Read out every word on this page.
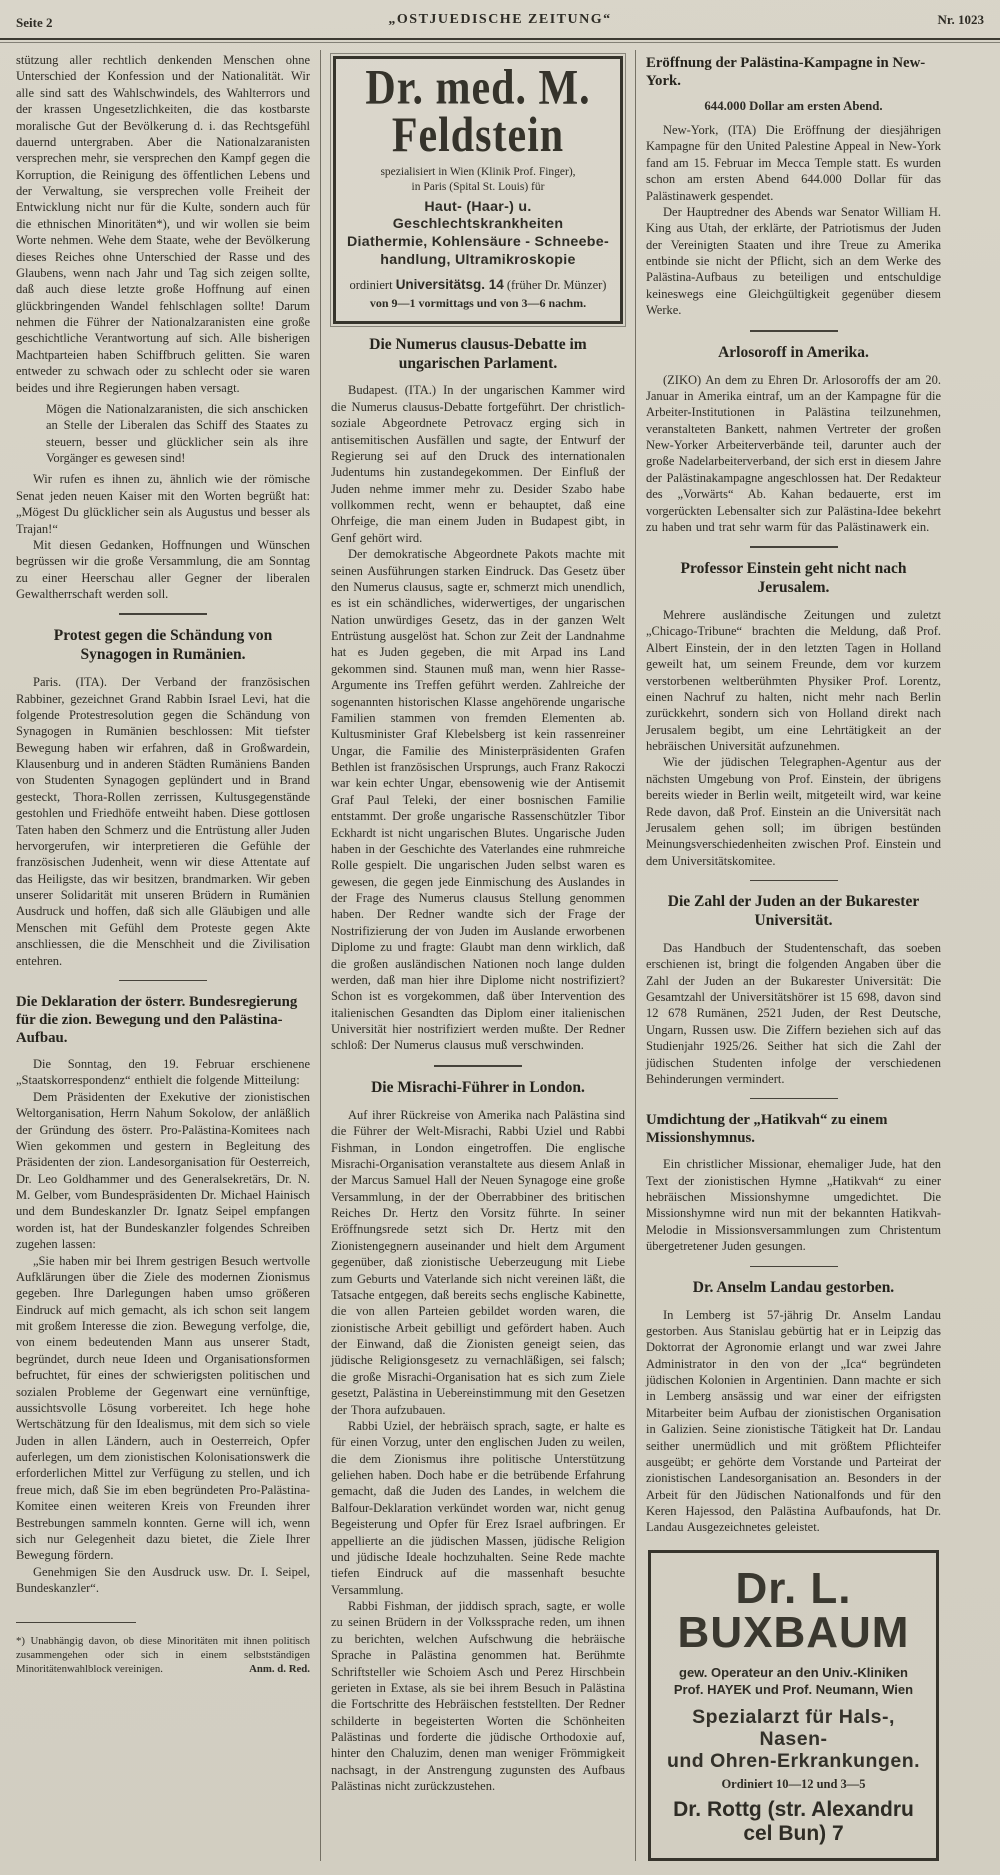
Seite 2	„OSTJUEDISCHE ZEITUNG“	Nr. 1023

stützung aller rechtlich denkenden Menschen ohne Unterschied der Konfession und der Nationalität. Wir alle sind satt des Wahlschwindels, des Wahlterrors und der krassen Ungesetzlichkeiten, die das kostbarste moralische Gut der Bevölkerung d. i. das Rechtsgefühl dauernd untergraben. Aber die Nationalzaranisten versprechen mehr, sie versprechen den Kampf gegen die Korruption, die Reinigung des öffentlichen Lebens und der Verwaltung, sie versprechen volle Freiheit der Entwicklung nicht nur für die Kulte, sondern auch für die ethnischen Minoritäten*), und wir wollen sie beim Worte nehmen. Wehe dem Staate, wehe der Bevölkerung dieses Reiches ohne Unterschied der Rasse und des Glaubens, wenn nach Jahr und Tag sich zeigen sollte, daß auch diese letzte große Hoffnung auf einen glückbringenden Wandel fehlschlagen sollte! Darum nehmen die Führer der Nationalzaranisten eine große geschichtliche Verantwortung auf sich. Alle bisherigen Machtparteien haben Schiffbruch gelitten. Sie waren entweder zu schwach oder zu schlecht oder sie waren beides und ihre Regierungen haben versagt.

Mögen die Nationalzaranisten, die sich anschicken an Stelle der Liberalen das Schiff des Staates zu steuern, besser und glücklicher sein als ihre Vorgänger es gewesen sind!

Wir rufen es ihnen zu, ähnlich wie der römische Senat jeden neuen Kaiser mit den Worten begrüßt hat: „Mögest Du glücklicher sein als Augustus und besser als Trajan!“

Mit diesen Gedanken, Hoffnungen und Wünschen begrüssen wir die große Versammlung, die am Sonntag zu einer Heerschau aller Gegner der liberalen Gewaltherrschaft werden soll.

Protest gegen die Schändung von Synagogen in Rumänien.

Paris. (ITA). Der Verband der französischen Rabbiner, gezeichnet Grand Rabbin Israel Levi, hat die folgende Protestresolution gegen die Schändung von Synagogen in Rumänien beschlossen: Mit tiefster Bewegung haben wir erfahren, daß in Großwardein, Klausenburg und in anderen Städten Rumäniens Banden von Studenten Synagogen geplündert und in Brand gesteckt, Thora-Rollen zerrissen, Kultusgegenstände gestohlen und Friedhöfe entweiht haben. Diese gottlosen Taten haben den Schmerz und die Entrüstung aller Juden hervorgerufen, wir interpretieren die Gefühle der französischen Judenheit, wenn wir diese Attentate auf das Heiligste, das wir besitzen, brandmarken. Wir geben unserer Solidarität mit unseren Brüdern in Rumänien Ausdruck und hoffen, daß sich alle Gläubigen und alle Menschen mit Gefühl dem Proteste gegen Akte anschliessen, die die Menschheit und die Zivilisation entehren.

Die Deklaration der österr. Bundesregierung für die zion. Bewegung und den Palästina-Aufbau.

Die Sonntag, den 19. Februar erschienene „Staatskorrespondenz“ enthielt die folgende Mitteilung:

Dem Präsidenten der Exekutive der zionistischen Weltorganisation, Herrn Nahum Sokolow, der anläßlich der Gründung des österr. Pro-Palästina-Komitees nach Wien gekommen und gestern in Begleitung des Präsidenten der zion. Landesorganisation für Oesterreich, Dr. Leo Goldhammer und des Generalsekretärs, Dr. N. M. Gelber, vom Bundespräsidenten Dr. Michael Hainisch und dem Bundeskanzler Dr. Ignatz Seipel empfangen worden ist, hat der Bundeskanzler folgendes Schreiben zugehen lassen:

„Sie haben mir bei Ihrem gestrigen Besuch wertvolle Aufklärungen über die Ziele des modernen Zionismus gegeben. Ihre Darlegungen haben umso größeren Eindruck auf mich gemacht, als ich schon seit langem mit großem Interesse die zion. Bewegung verfolge, die, von einem bedeutenden Mann aus unserer Stadt, begründet, durch neue Ideen und Organisationsformen befruchtet, für eines der schwierigsten politischen und sozialen Probleme der Gegenwart eine vernünftige, aussichtsvolle Lösung vorbereitet. Ich hege hohe Wertschätzung für den Idealismus, mit dem sich so viele Juden in allen Ländern, auch in Oesterreich, Opfer auferlegen, um dem zionistischen Kolonisationswerk die erforderlichen Mittel zur Verfügung zu stellen, und ich freue mich, daß Sie im eben begründeten Pro-Palästina-Komitee einen weiteren Kreis von Freunden ihrer Bestrebungen sammeln konnten. Gerne will ich, wenn sich nur Gelegenheit dazu bietet, die Ziele Ihrer Bewegung fördern.

Genehmigen Sie den Ausdruck usw. Dr. I. Seipel, Bundeskanzler“.

*) Unabhängig davon, ob diese Minoritäten mit ihnen politisch zusammengehen oder sich in einem selbstständigen Minoritätenwahlblock vereinigen.	Anm. d. Red.

Dr. med. M. Feldstein
spezialisiert in Wien (Klinik Prof. Finger),
in Paris (Spital St. Louis) für
Haut- (Haar-) u. Geschlechtskrankheiten
Diathermie, Kohlensäure - Schneebe-
handlung, Ultramikroskopie
ordiniert Universitätsg. 14 (früher Dr. Münzer)
von 9—1 vormittags und von 3—6 nachm.
Die Numerus clausus-Debatte im ungarischen Parlament.

Budapest. (ITA.) In der ungarischen Kammer wird die Numerus clausus-Debatte fortgeführt. Der christlich-soziale Abgeordnete Petrovacz erging sich in antisemitischen Ausfällen und sagte, der Entwurf der Regierung sei auf den Druck des internationalen Judentums hin zustandegekommen. Der Einfluß der Juden nehme immer mehr zu. Desider Szabo habe vollkommen recht, wenn er behauptet, daß eine Ohrfeige, die man einem Juden in Budapest gibt, in Genf gehört wird.

Der demokratische Abgeordnete Pakots machte mit seinen Ausführungen starken Eindruck. Das Gesetz über den Numerus clausus, sagte er, schmerzt mich unendlich, es ist ein schändliches, widerwertiges, der ungarischen Nation unwürdiges Gesetz, das in der ganzen Welt Entrüstung ausgelöst hat. Schon zur Zeit der Landnahme hat es Juden gegeben, die mit Arpad ins Land gekommen sind. Staunen muß man, wenn hier Rasse-Argumente ins Treffen geführt werden. Zahlreiche der sogenannten historischen Klasse angehörende ungarische Familien stammen von fremden Elementen ab. Kultusminister Graf Klebelsberg ist kein rassenreiner Ungar, die Familie des Ministerpräsidenten Grafen Bethlen ist französischen Ursprungs, auch Franz Rakoczi war kein echter Ungar, ebensowenig wie der Antisemit Graf Paul Teleki, der einer bosnischen Familie entstammt. Der große ungarische Rassenschützler Tibor Eckhardt ist nicht ungarischen Blutes. Ungarische Juden haben in der Geschichte des Vaterlandes eine ruhmreiche Rolle gespielt. Die ungarischen Juden selbst waren es gewesen, die gegen jede Einmischung des Auslandes in der Frage des Numerus clausus Stellung genommen haben. Der Redner wandte sich der Frage der Nostrifizierung der von Juden im Auslande erworbenen Diplome zu und fragte: Glaubt man denn wirklich, daß die großen ausländischen Nationen noch lange dulden werden, daß man hier ihre Diplome nicht nostrifiziert? Schon ist es vorgekommen, daß über Intervention des italienischen Gesandten das Diplom einer italienischen Universität hier nostrifiziert werden mußte. Der Redner schloß: Der Numerus clausus muß verschwinden.

Die Misrachi-Führer in London.

Auf ihrer Rückreise von Amerika nach Palästina sind die Führer der Welt-Misrachi, Rabbi Uziel und Rabbi Fishman, in London eingetroffen. Die englische Misrachi-Organisation veranstaltete aus diesem Anlaß in der Marcus Samuel Hall der Neuen Synagoge eine große Versammlung, in der der Oberrabbiner des britischen Reiches Dr. Hertz den Vorsitz führte. In seiner Eröffnungsrede setzt sich Dr. Hertz mit den Zionistengegnern auseinander und hielt dem Argument gegenüber, daß zionistische Ueberzeugung mit Liebe zum Geburts und Vaterlande sich nicht vereinen läßt, die Tatsache entgegen, daß bereits sechs englische Kabinette, die von allen Parteien gebildet worden waren, die zionistische Arbeit gebilligt und gefördert haben. Auch der Einwand, daß die Zionisten geneigt seien, das jüdische Religionsgesetz zu vernachläßigen, sei falsch; die große Misrachi-Organisation hat es sich zum Ziele gesetzt, Palästina in Uebereinstimmung mit den Gesetzen der Thora aufzubauen.

Rabbi Uziel, der hebräisch sprach, sagte, er halte es für einen Vorzug, unter den englischen Juden zu weilen, die dem Zionismus ihre politische Unterstützung geliehen haben. Doch habe er die betrübende Erfahrung gemacht, daß die Juden des Landes, in welchem die Balfour-Deklaration verkündet worden war, nicht genug Begeisterung und Opfer für Erez Israel aufbringen. Er appellierte an die jüdischen Massen, jüdische Religion und jüdische Ideale hochzuhalten. Seine Rede machte tiefen Eindruck auf die massenhaft besuchte Versammlung.

Rabbi Fishman, der jiddisch sprach, sagte, er wolle zu seinen Brüdern in der Volkssprache reden, um ihnen zu berichten, welchen Aufschwung die hebräische Sprache in Palästina genommen hat. Berühmte Schriftsteller wie Schoiem Asch und Perez Hirschbein gerieten in Extase, als sie bei ihrem Besuch in Palästina die Fortschritte des Hebräischen feststellten. Der Redner schilderte in begeisterten Worten die Schönheiten Palästinas und forderte die jüdische Orthodoxie auf, hinter den Chaluzim, denen man weniger Frömmigkeit nachsagt, in der Anstrengung zugunsten des Aufbaus Palästinas nicht zurückzustehen.

Eröffnung der Palästina-Kampagne in New-York.
644.000 Dollar am ersten Abend.

New-York, (ITA) Die Eröffnung der diesjährigen Kampagne für den United Palestine Appeal in New-York fand am 15. Februar im Mecca Temple statt. Es wurden schon am ersten Abend 644.000 Dollar für das Palästinawerk gespendet.

Der Hauptredner des Abends war Senator William H. King aus Utah, der erklärte, der Patriotismus der Juden der Vereinigten Staaten und ihre Treue zu Amerika entbinde sie nicht der Pflicht, sich an dem Werke des Palästina-Aufbaus zu beteiligen und entschuldige keineswegs eine Gleichgültigkeit gegenüber diesem Werke.

Arlosoroff in Amerika.

(ZIKO) An dem zu Ehren Dr. Arlosoroffs der am 20. Januar in Amerika eintraf, um an der Kampagne für die Arbeiter-Institutionen in Palästina teilzunehmen, veranstalteten Bankett, nahmen Vertreter der großen New-Yorker Arbeiterverbände teil, darunter auch der große Nadelarbeiterverband, der sich erst in diesem Jahre der Palästinakampagne angeschlossen hat. Der Redakteur des „Vorwärts“ Ab. Kahan bedauerte, erst im vorgerückten Lebensalter sich zur Palästina-Idee bekehrt zu haben und trat sehr warm für das Palästinawerk ein.

Professor Einstein geht nicht nach Jerusalem.

Mehrere ausländische Zeitungen und zuletzt „Chicago-Tribune“ brachten die Meldung, daß Prof. Albert Einstein, der in den letzten Tagen in Holland geweilt hat, um seinem Freunde, dem vor kurzem verstorbenen weltberühmten Physiker Prof. Lorentz, einen Nachruf zu halten, nicht mehr nach Berlin zurückkehrt, sondern sich von Holland direkt nach Jerusalem begibt, um eine Lehrtätigkeit an der hebräischen Universität aufzunehmen.

Wie der jüdischen Telegraphen-Agentur aus der nächsten Umgebung von Prof. Einstein, der übrigens bereits wieder in Berlin weilt, mitgeteilt wird, war keine Rede davon, daß Prof. Einstein an die Universität nach Jerusalem gehen soll; im übrigen bestünden Meinungsverschiedenheiten zwischen Prof. Einstein und dem Universitätskomitee.

Die Zahl der Juden an der Bukarester Universität.

Das Handbuch der Studentenschaft, das soeben erschienen ist, bringt die folgenden Angaben über die Zahl der Juden an der Bukarester Universität: Die Gesamtzahl der Universitätshörer ist 15 698, davon sind 12 678 Rumänen, 2521 Juden, der Rest Deutsche, Ungarn, Russen usw. Die Ziffern beziehen sich auf das Studienjahr 1925/26. Seither hat sich die Zahl der jüdischen Studenten infolge der verschiedenen Behinderungen vermindert.

Umdichtung der „Hatikvah“ zu einem Missionshymnus.

Ein christlicher Missionar, ehemaliger Jude, hat den Text der zionistischen Hymne „Hatikvah“ zu einer hebräischen Missionshymne umgedichtet. Die Missionshymne wird nun mit der bekannten Hatikvah-Melodie in Missionsversammlungen zum Christentum übergetretener Juden gesungen.

Dr. Anselm Landau gestorben.

In Lemberg ist 57-jährig Dr. Anselm Landau gestorben. Aus Stanislau gebürtig hat er in Leipzig das Doktorrat der Agronomie erlangt und war zwei Jahre Administrator in den von der „Ica“ begründeten jüdischen Kolonien in Argentinien. Dann machte er sich in Lemberg ansässig und war einer der eifrigsten Mitarbeiter beim Aufbau der zionistischen Organisation in Galizien. Seine zionistische Tätigkeit hat Dr. Landau seither unermüdlich und mit größtem Pflichteifer ausgeübt; er gehörte dem Vorstande und Parteirat der zionistischen Landesorganisation an. Besonders in der Arbeit für den Jüdischen Nationalfonds und für den Keren Hajessod, den Palästina Aufbaufonds, hat Dr. Landau Ausgezeichnetes geleistet.

Dr. L. BUXBAUM
gew. Operateur an den Univ.-Kliniken
Prof. HAYEK und Prof. Neumann, Wien
Spezialarzt für Hals-, Nasen-
und Ohren-Erkrankungen.
Ordiniert 10—12 und 3—5
Dr. Rottg (str. Alexandru cel Bun) 7
